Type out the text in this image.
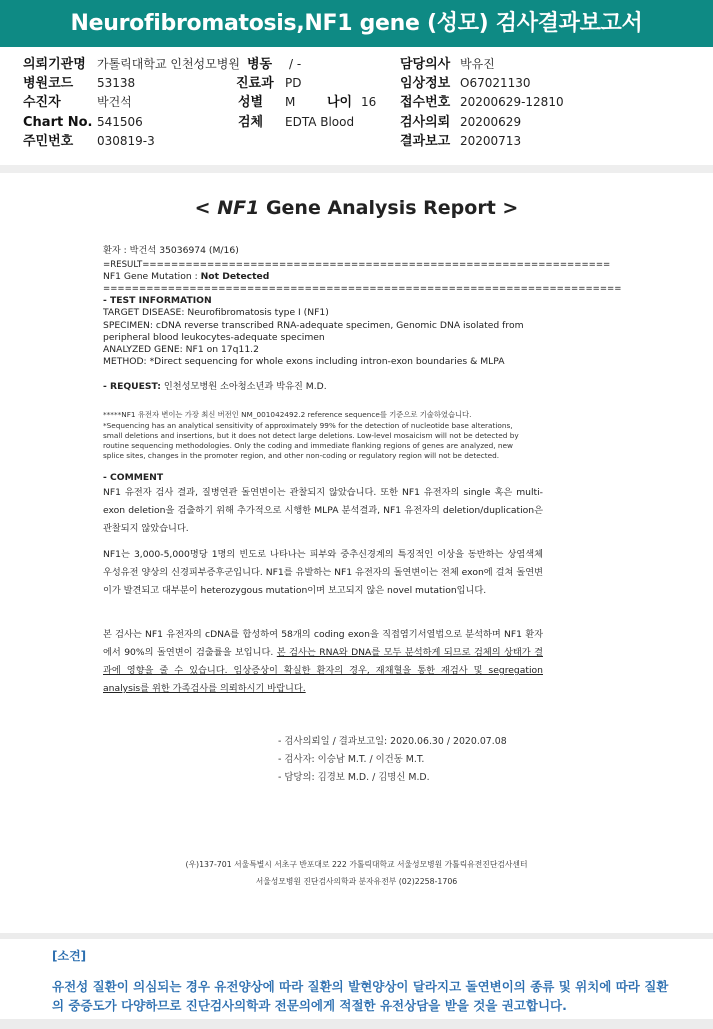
Neurofibromatosis,NF1 gene (성모) 검사결과보고서
의뢰기관명 가톨릭대학교 인천성모병원 병동 / -	담당의사 박유진
병원코드 53138	진료과 PD	임상정보 O67021130
수진자	박건석	성별 M 나이 16 접수번호 20200629-12810
Chart No. 541506	검체 EDTA Blood	검사의뢰 20200629
주민번호 030819-3	결과보고 20200713
< NF1 Gene Analysis Report >
환자 : 박건석 35036974 (M/16)
=RESULT=================================================================
NF1 Gene Mutation : Not Detected
========================================================================
- TEST INFORMATION
TARGET DISEASE: Neurofibromatosis type I (NF1)
SPECIMEN: cDNA reverse transcribed RNA-adequate specimen, Genomic DNA isolated from
peripheral blood leukocytes-adequate specimen
ANALYZED GENE: NF1 on 17q11.2
METHOD: *Direct sequencing for whole exons including intron-exon boundaries & MLPA
- REQUEST: 인천성모병원 소아청소년과 박유진 M.D.
*****NF1 유전자 변이는 가장 최신 버전인 NM_001042492.2 reference sequence를 기준으로 기술하였습니다.
*Sequencing has an analytical sensitivity of approximately 99% for the detection of nucleotide base alterations,
small deletions and insertions, but it does not detect large deletions. Low-level mosaicism will not be detected by
routine sequencing methodologies. Only the coding and immediate flanking regions of genes are analyzed, new
splice sites, changes in the promoter region, and other non-coding or regulatory region will not be detected.
- COMMENT

NF1 유전자 검사 결과, 질병연관 돌연변이는 관찰되지 않았습니다. 또한 NF1 유전자의 single 혹은 multi-exon deletion을 검출하기 위해 추가적으로 시행한 MLPA 분석결과, NF1 유전자의 deletion/duplication은 관찰되지 않았습니다.

NF1는 3,000-5,000명당 1명의 빈도로 나타나는 피부와 중추신경계의 특징적인 이상을 동반하는 상염색체 우성유전 양상의 신경피부증후군입니다. NF1를 유발하는 NF1 유전자의 돌연변이는 전체 exon에 걸쳐 돌연변이가 발견되고 대부분이 heterozygous mutation이며 보고되지 않은 novel mutation입니다.

본 검사는 NF1 유전자의 cDNA를 합성하여 58개의 coding exon을 직접염기서열법으로 분석하며 NF1 환자에서 90%의 돌연변이 검출률을 보입니다. 본 검사는 RNA와 DNA를 모두 분석하게 되므로 검체의 상태가 결과에 영향을 줄 수 있습니다. 임상증상이 확실한 환자의 경우, 재채혈을 통한 재검사 및 segregation analysis를 위한 가족검사를 의뢰하시기 바랍니다.

- 검사의뢰일 / 결과보고일: 2020.06.30 / 2020.07.08
- 검사자: 이승남 M.T. / 이건동 M.T.
- 담당의: 김경보 M.D. / 김명신 M.D.
(우)137-701 서울특별시 서초구 반포대로 222 가톨릭대학교 서울성모병원 가톨릭유전진단검사센터
서울성모병원 진단검사의학과 분자유전부 (02)2258-1706
[소견]
유전성 질환이 의심되는 경우 유전양상에 따라 질환의 발현양상이 달라지고 돌연변이의 종류 및 위치에 따라 질환의 중증도가 다양하므로 진단검사의학과 전문의에게 적절한 유전상담을 받을 것을 권고합니다.
